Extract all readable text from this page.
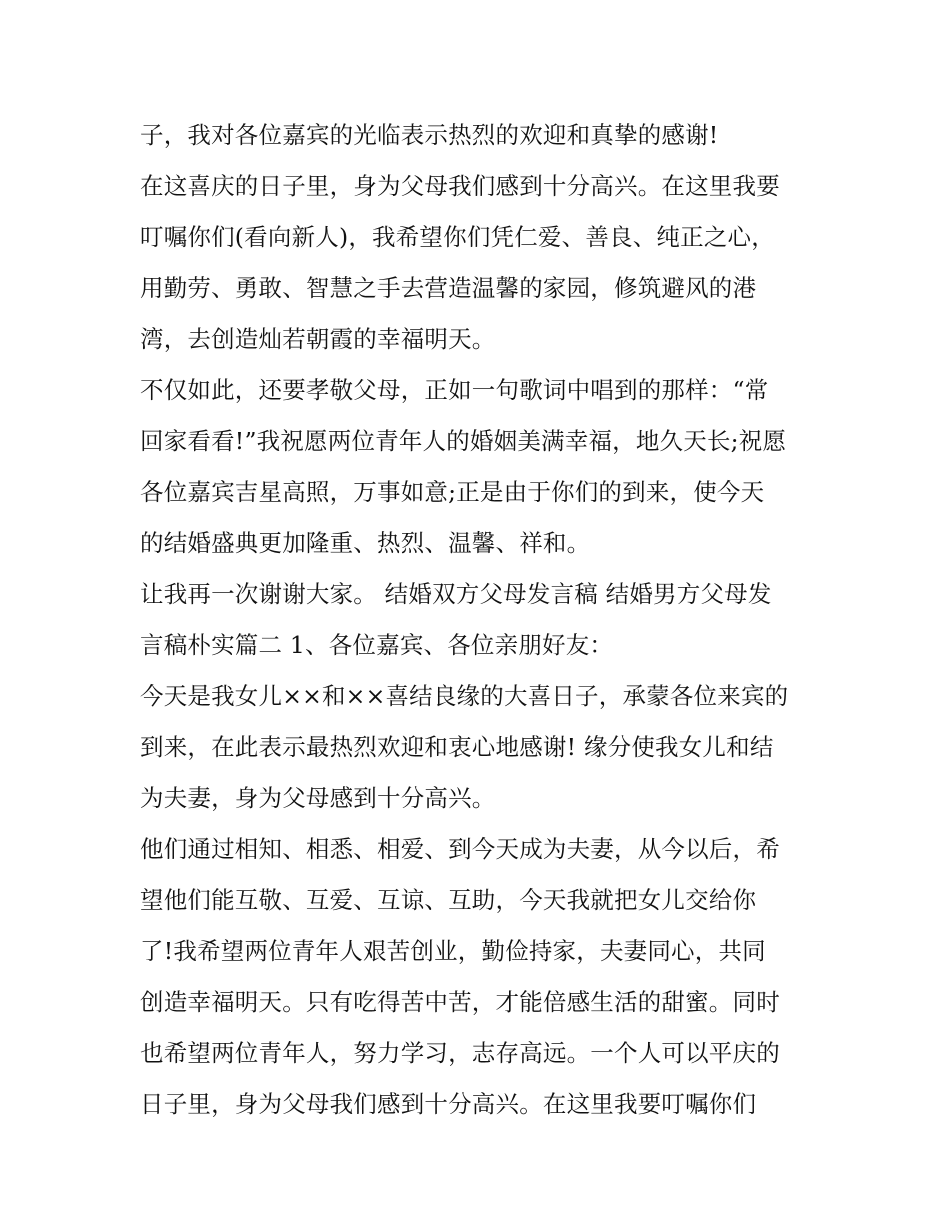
子，我对各位嘉宾的光临表示热烈的欢迎和真挚的感谢!
在这喜庆的日子里，身为父母我们感到十分高兴。在这里我要
叮嘱你们(看向新人)，我希望你们凭仁爱、善良、纯正之心，
用勤劳、勇敢、智慧之手去营造温馨的家园，修筑避风的港
湾，去创造灿若朝霞的幸福明天。
不仅如此，还要孝敬父母，正如一句歌词中唱到的那样：“常
回家看看!”我祝愿两位青年人的婚姻美满幸福，地久天长;祝愿
各位嘉宾吉星高照，万事如意;正是由于你们的到来，使今天
的结婚盛典更加隆重、热烈、温馨、祥和。
让我再一次谢谢大家。 结婚双方父母发言稿 结婚男方父母发
言稿朴实篇二 1、各位嘉宾、各位亲朋好友：
今天是我女儿××和××喜结良缘的大喜日子，承蒙各位来宾的
到来，在此表示最热烈欢迎和衷心地感谢! 缘分使我女儿和结
为夫妻，身为父母感到十分高兴。
他们通过相知、相悉、相爱、到今天成为夫妻，从今以后，希
望他们能互敬、互爱、互谅、互助，今天我就把女儿交给你
了!我希望两位青年人艰苦创业，勤俭持家，夫妻同心，共同
创造幸福明天。只有吃得苦中苦，才能倍感生活的甜蜜。同时
也希望两位青年人，努力学习，志存高远。一个人可以平庆的
日子里，身为父母我们感到十分高兴。在这里我要叮嘱你们
